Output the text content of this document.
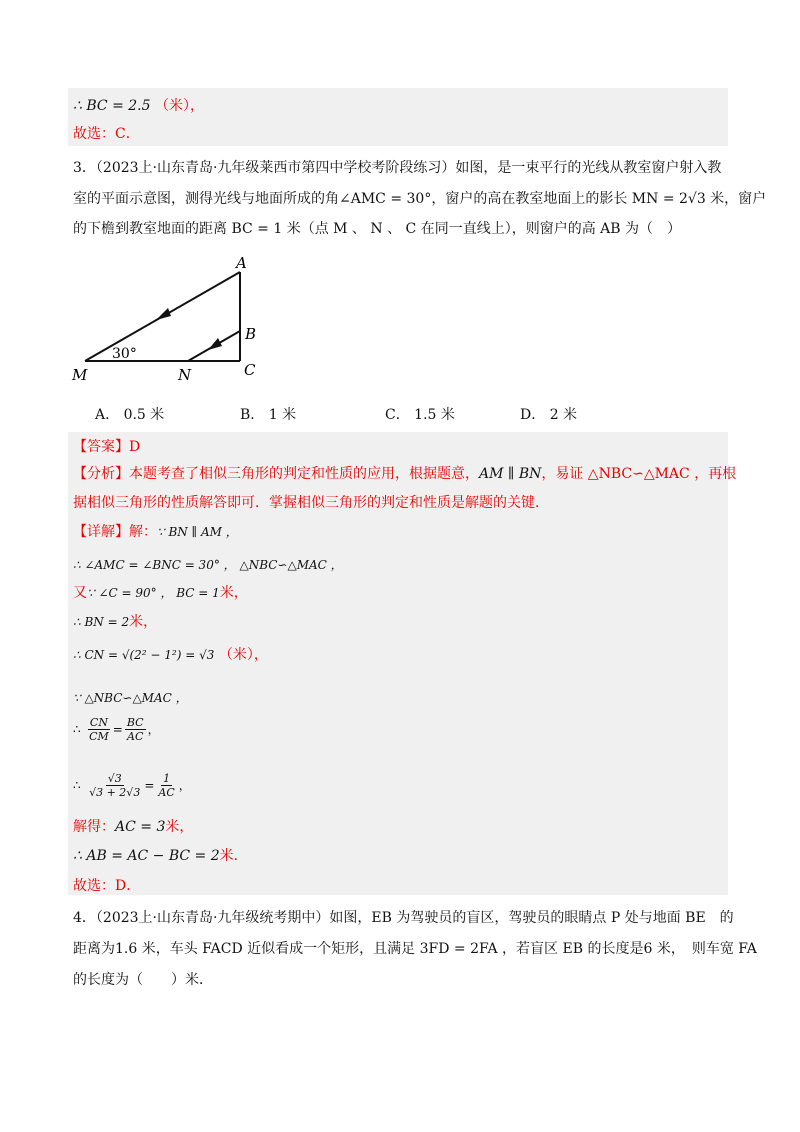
∴ BC = 2.5 （米），
故选：C．
3．（2023上·山东青岛·九年级莱西市第四中学校考阶段练习）如图，是一束平行的光线从教室窗户射入教
室的平面示意图，测得光线与地面所成的角∠AMC = 30°，窗户的高在教室地面上的影长 MN = 2√3 米，窗户
的下檐到教室地面的距离 BC = 1 米（点 M 、 N 、 C 在同一直线上），则窗户的高 AB 为（　）
A
B
C
M	N
30°
A． 0.5 米	B． 1 米	C． 1.5 米	D． 2 米
【答案】D
【分析】本题考查了相似三角形的判定和性质的应用，根据题意，AM ∥ BN，易证 △NBC∽△MAC ，再根
据相似三角形的性质解答即可．掌握相似三角形的判定和性质是解题的关键．
【详解】解：∵ BN ∥ AM ，
∴ ∠AMC = ∠BNC = 30° ， △NBC∽△MAC ，
又∵ ∠C = 90° ， BC = 1米，
∴ BN = 2米，
∴ CN = √(2² − 1²) = √3 （米），
∵ △NBC∽△MAC ，
∴ $\frac{CN}{CM} = \frac{BC}{AC}$ ，
∴ $\frac{√3}{√3 + 2√3} = \frac{1}{AC}$ ，
解得：AC = 3米，
∴ AB = AC − BC = 2米．
故选：D．
4．（2023上·山东青岛·九年级统考期中）如图，EB 为驾驶员的盲区，驾驶员的眼睛点 P 处与地面 BE　的
距离为1.6 米，车头 FACD 近似看成一个矩形，且满足 3FD = 2FA ，若盲区 EB 的长度是6 米，　则车宽 FA
的长度为（　　）米．
